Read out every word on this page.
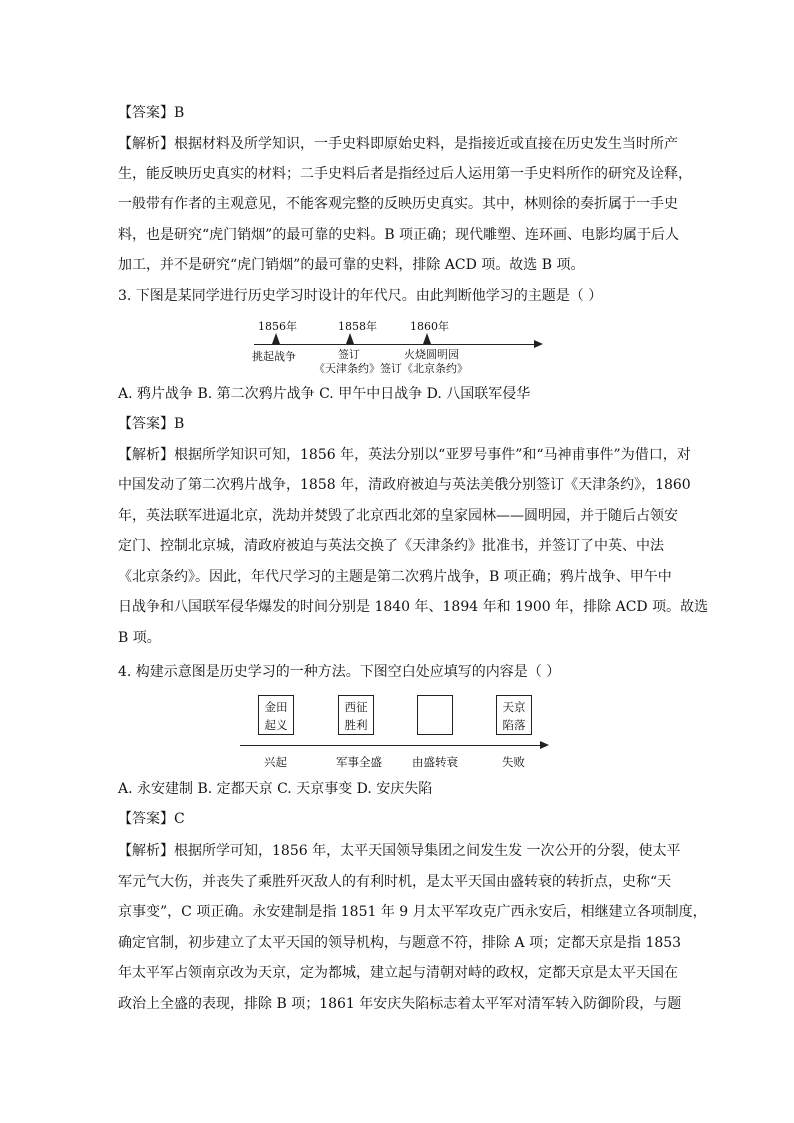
【答案】B
【解析】根据材料及所学知识，一手史料即原始史料，是指接近或直接在历史发生当时所产
生，能反映历史真实的材料；二手史料后者是指经过后人运用第一手史料所作的研究及诠释，
一般带有作者的主观意见，不能客观完整的反映历史真实。其中，林则徐的奏折属于一手史
料，也是研究“虎门销烟”的最可靠的史料。B 项正确；现代雕塑、连环画、电影均属于后人
加工，并不是研究“虎门销烟”的最可靠的史料，排除 ACD 项。故选 B 项。
3. 下图是某同学进行历史学习时设计的年代尺。由此判断他学习的主题是（ ）
1856年	1858年	1860年
挑起战争	签订	火烧圆明园
《天津条约》签订《北京条约》
A. 鸦片战争 B. 第二次鸦片战争 C. 甲午中日战争 D. 八国联军侵华
【答案】B
【解析】根据所学知识可知，1856 年，英法分别以“亚罗号事件”和“马神甫事件”为借口，对
中国发动了第二次鸦片战争，1858 年，清政府被迫与英法美俄分别签订《天津条约》，1860
年，英法联军进逼北京，洗劫并焚毁了北京西北郊的皇家园林——圆明园，并于随后占领安
定门、控制北京城，清政府被迫与英法交换了《天津条约》批准书，并签订了中英、中法
《北京条约》。因此，年代尺学习的主题是第二次鸦片战争，B 项正确；鸦片战争、甲午中
日战争和八国联军侵华爆发的时间分别是 1840 年、1894 年和 1900 年，排除 ACD 项。故选
B 项。
4. 构建示意图是历史学习的一种方法。下图空白处应填写的内容是（ ）
金田
起义
西征
胜利
天京
陷落
兴起	军事全盛	由盛转衰	失败
A. 永安建制 B. 定都天京 C. 天京事变 D. 安庆失陷
【答案】C
【解析】根据所学可知，1856 年，太平天国领导集团之间发生发 一次公开的分裂，使太平
军元气大伤，并丧失了乘胜歼灭敌人的有利时机，是太平天国由盛转衰的转折点，史称“天
京事变”，C 项正确。永安建制是指 1851 年 9 月太平军攻克广西永安后，相继建立各项制度，
确定官制，初步建立了太平天国的领导机构，与题意不符，排除 A 项；定都天京是指 1853
年太平军占领南京改为天京，定为都城，建立起与清朝对峙的政权，定都天京是太平天国在
政治上全盛的表现，排除 B 项；1861 年安庆失陷标志着太平军对清军转入防御阶段，与题
